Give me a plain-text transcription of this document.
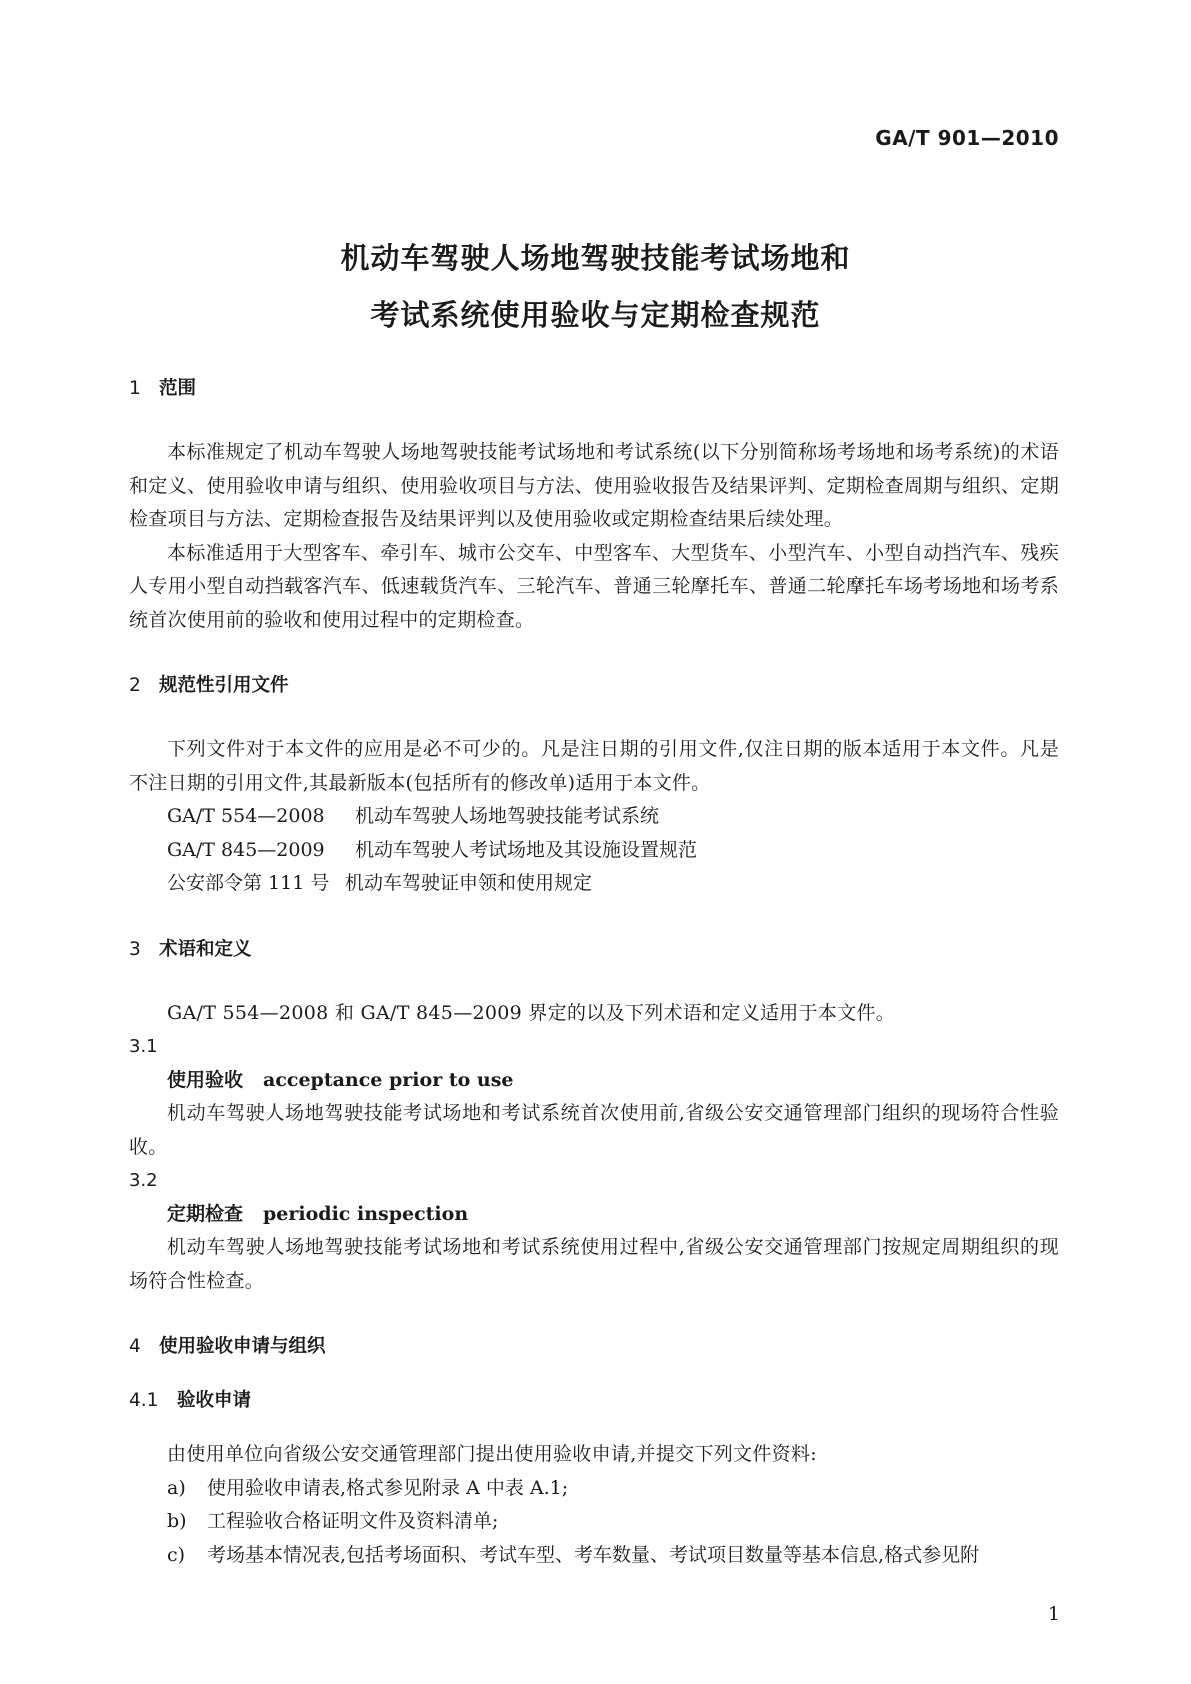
GA/T 901—2010
机动车驾驶人场地驾驶技能考试场地和
考试系统使用验收与定期检查规范
1 范围

本标准规定了机动车驾驶人场地驾驶技能考试场地和考试系统(以下分别简称场考场地和场考系统)的术语和定义、使用验收申请与组织、使用验收项目与方法、使用验收报告及结果评判、定期检查周期与组织、定期检查项目与方法、定期检查报告及结果评判以及使用验收或定期检查结果后续处理。

本标准适用于大型客车、牵引车、城市公交车、中型客车、大型货车、小型汽车、小型自动挡汽车、残疾人专用小型自动挡载客汽车、低速载货汽车、三轮汽车、普通三轮摩托车、普通二轮摩托车场考场地和场考系统首次使用前的验收和使用过程中的定期检查。

2 规范性引用文件

下列文件对于本文件的应用是必不可少的。凡是注日期的引用文件,仅注日期的版本适用于本文件。凡是不注日期的引用文件,其最新版本(包括所有的修改单)适用于本文件。

GA/T 554—2008 机动车驾驶人场地驾驶技能考试系统

GA/T 845—2009 机动车驾驶人考试场地及其设施设置规范

公安部令第 111 号 机动车驾驶证申领和使用规定

3 术语和定义

GA/T 554—2008 和 GA/T 845—2009 界定的以及下列术语和定义适用于本文件。

3.1

使用验收 acceptance prior to use

机动车驾驶人场地驾驶技能考试场地和考试系统首次使用前,省级公安交通管理部门组织的现场符合性验收。

3.2

定期检查 periodic inspection

机动车驾驶人场地驾驶技能考试场地和考试系统使用过程中,省级公安交通管理部门按规定周期组织的现场符合性检查。

4 使用验收申请与组织
4.1 验收申请

由使用单位向省级公安交通管理部门提出使用验收申请,并提交下列文件资料:

a) 使用验收申请表,格式参见附录 A 中表 A.1;

b) 工程验收合格证明文件及资料清单;

c) 考场基本情况表,包括考场面积、考试车型、考车数量、考试项目数量等基本信息,格式参见附

1
